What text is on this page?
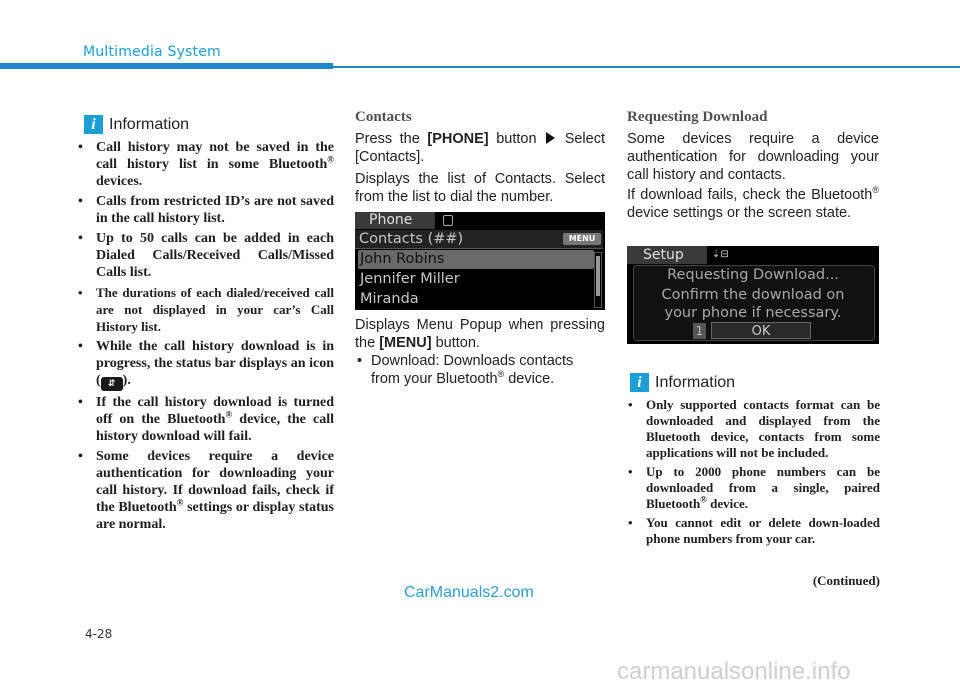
Multimedia System
i Information
• Call history may not be saved in the call history list in some Bluetooth® devices.
• Calls from restricted ID’s are not saved in the call history list.
• Up to 50 calls can be added in each Dialed Calls/Received Calls/Missed Calls list.
• The durations of each dialed/received call are not displayed in your car’s Call History list.
• While the call history download is in progress, the status bar displays an icon ( ⇵ ).
• If the call history download is turned off on the Bluetooth® device, the call history download will fail.
• Some devices require a device authentication for downloading your call history. If download fails, check if the Bluetooth® settings or display status are normal.
Contacts
Press the [PHONE] button  Select [Contacts].
Displays the list of Contacts. Select from the list to dial the number.
Phone
Contacts (##)	MENU
John Robins
Jennifer Miller
Miranda
Displays Menu Popup when pressing the [MENU] button.
• Download: Downloads contacts from your Bluetooth® device.
Requesting Download
Some devices require a device authentication for downloading your call history and contacts.
If download fails, check the Bluetooth® device settings or the screen state.
Setup	⇣⊟
Requesting Download...
Confirm the download on
your phone if necessary.
1	OK
i Information
• Only supported contacts format can be downloaded and displayed from the Bluetooth device, contacts from some applications will not be included.
• Up to 2000 phone numbers can be downloaded from a single, paired Bluetooth® device.
• You cannot edit or delete down-loaded phone numbers from your car.
(Continued)
CarManuals2.com
4-28
carmanualsonline.info
